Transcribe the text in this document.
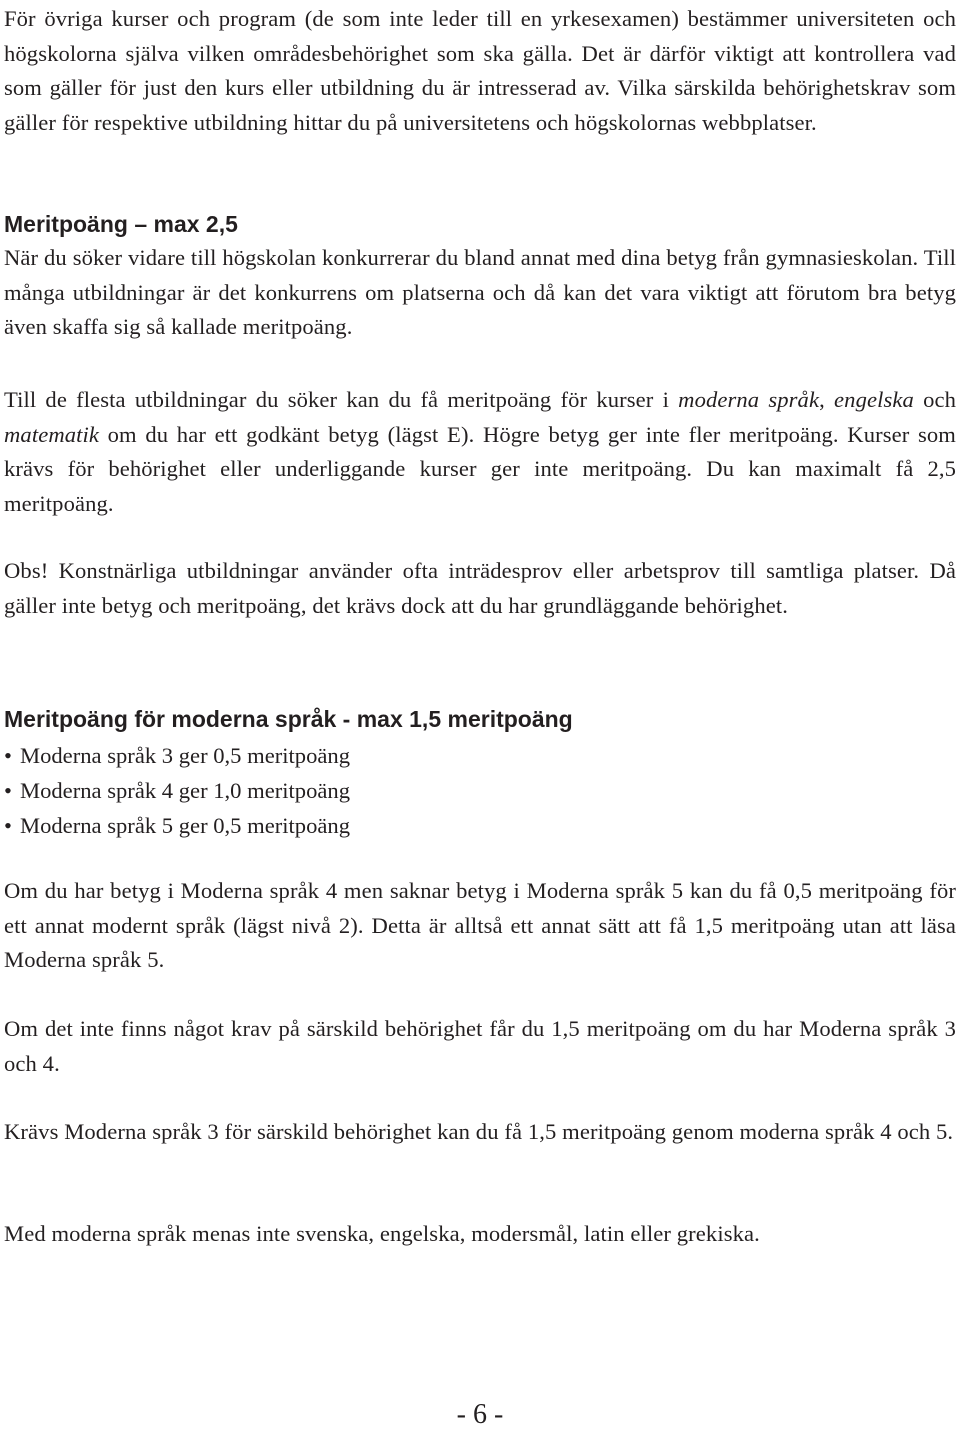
För övriga kurser och program (de som inte leder till en yrkesexamen) bestämmer universiteten och högskolorna själva vilken områdesbehörighet som ska gälla. Det är därför viktigt att kontrollera vad som gäller för just den kurs eller utbildning du är intresserad av. Vilka särskilda behörighetskrav som gäller för respektive utbildning hittar du på universitetens och högskolornas webbplatser.

Meritpoäng – max 2,5

När du söker vidare till högskolan konkurrerar du bland annat med dina betyg från gymnasieskolan. Till många utbildningar är det konkurrens om platserna och då kan det vara viktigt att förutom bra betyg även skaffa sig så kallade meritpoäng.

Till de flesta utbildningar du söker kan du få meritpoäng för kurser i moderna språk, engelska och matematik om du har ett godkänt betyg (lägst E). Högre betyg ger inte fler meritpoäng. Kurser som krävs för behörighet eller underliggande kurser ger inte meritpoäng. Du kan maximalt få 2,5 meritpoäng.

Obs! Konstnärliga utbildningar använder ofta inträdesprov eller arbetsprov till samtliga platser. Då gäller inte betyg och meritpoäng, det krävs dock att du har grundläggande behörighet.

Meritpoäng för moderna språk - max 1,5 meritpoäng
• Moderna språk 3 ger 0,5 meritpoäng
• Moderna språk 4 ger 1,0 meritpoäng
• Moderna språk 5 ger 0,5 meritpoäng

Om du har betyg i Moderna språk 4 men saknar betyg i Moderna språk 5 kan du få 0,5 meritpoäng för ett annat modernt språk (lägst nivå 2). Detta är alltså ett annat sätt att få 1,5 meritpoäng utan att läsa Moderna språk 5.

Om det inte finns något krav på särskild behörighet får du 1,5 meritpoäng om du har Moderna språk 3 och 4.

Krävs Moderna språk 3 för särskild behörighet kan du få 1,5 meritpoäng genom moderna språk 4 och 5.

Med moderna språk menas inte svenska, engelska, modersmål, latin eller grekiska.

- 6 -
